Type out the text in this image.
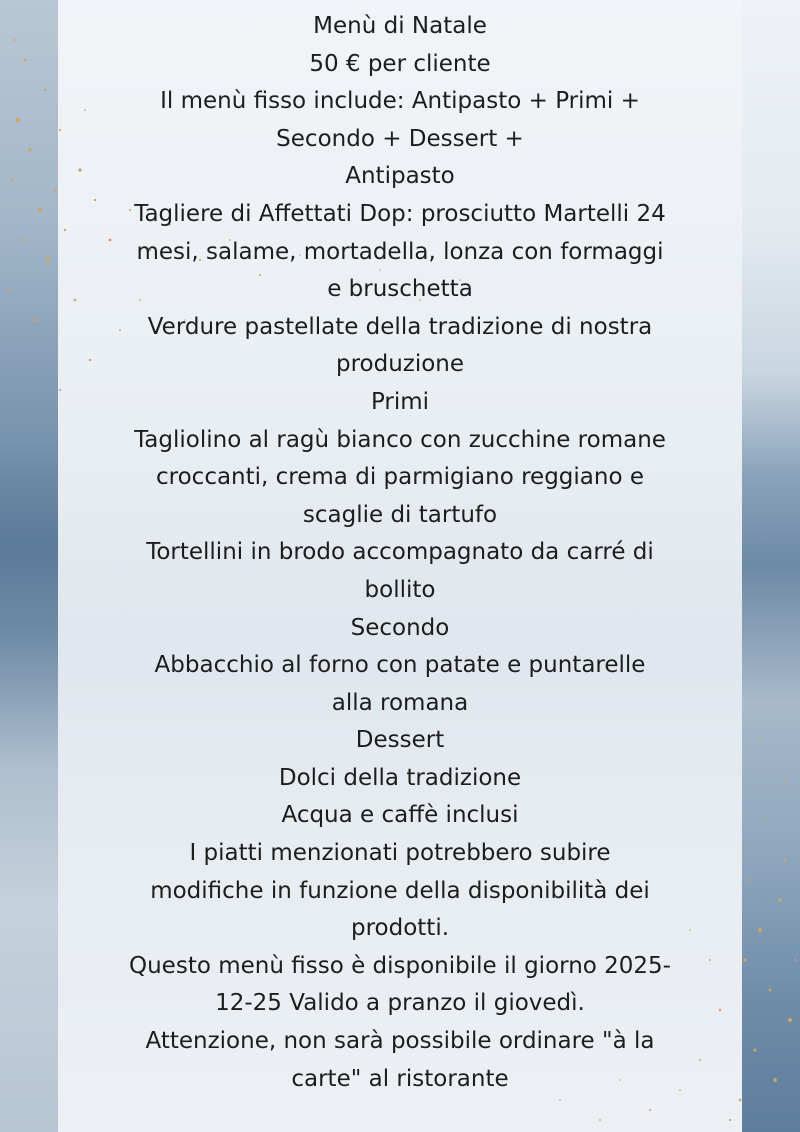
Menù di Natale
50 € per cliente
Il menù fisso include: Antipasto + Primi +
Secondo + Dessert +
Antipasto
Tagliere di Affettati Dop: prosciutto Martelli 24
mesi, salame, mortadella, lonza con formaggi
e bruschetta
Verdure pastellate della tradizione di nostra
produzione
Primi
Tagliolino al ragù bianco con zucchine romane
croccanti, crema di parmigiano reggiano e
scaglie di tartufo
Tortellini in brodo accompagnato da carré di
bollito
Secondo
Abbacchio al forno con patate e puntarelle
alla romana
Dessert
Dolci della tradizione
Acqua e caffè inclusi
I piatti menzionati potrebbero subire
modifiche in funzione della disponibilità dei
prodotti.
Questo menù fisso è disponibile il giorno 2025-
12-25 Valido a pranzo il giovedì.
Attenzione, non sarà possibile ordinare "à la
carte" al ristorante
